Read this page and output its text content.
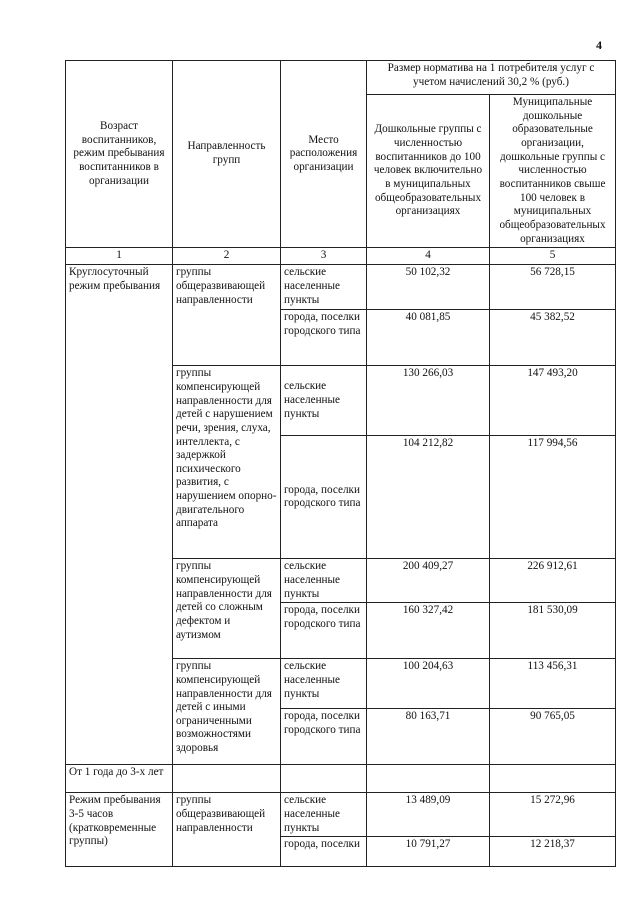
4
Возраст воспитанников, режим пребывания воспитанников в организации	Направленность групп	Место расположения организации	Размер норматива на 1 потребителя услуг с учетом начислений 30,2 % (руб.)	
			Дошкольные группы с численностью воспитанников до 100 человек включительно в муниципальных общеобразовательных организациях	Муниципальные дошкольные образовательные организации, дошкольные группы с численностью воспитанников свыше 100 человек в муниципальных общеобразовательных организациях
1	2	3	4	5
Круглосуточный режим пребывания	группы общеразвивающей направленности	сельские населенные пункты	50 102,32	56 728,15
		города, поселки городского типа	40 081,85	45 382,52
	группы компенсирующей направленности для детей с нарушением речи, зрения, слуха, интеллекта, с задержкой психического развития, с нарушением опорно-двигательного аппарата	сельские населенные пункты	130 266,03	147 493,20
		города, поселки городского типа	104 212,82	117 994,56
	группы компенсирующей направленности для детей со сложным дефектом и аутизмом	сельские населенные пункты	200 409,27	226 912,61
		города, поселки городского типа	160 327,42	181 530,09
	группы компенсирующей направленности для детей с иными ограниченными возможностями здоровья	сельские населенные пункты	100 204,63	113 456,31
		города, поселки городского типа	80 163,71	90 765,05
От 1 года до 3-х лет				
Режим пребывания 3-5 часов (кратковременные группы)	группы общеразвивающей направленности	сельские населенные пункты	13 489,09	15 272,96
		города, поселки	10 791,27	12 218,37
